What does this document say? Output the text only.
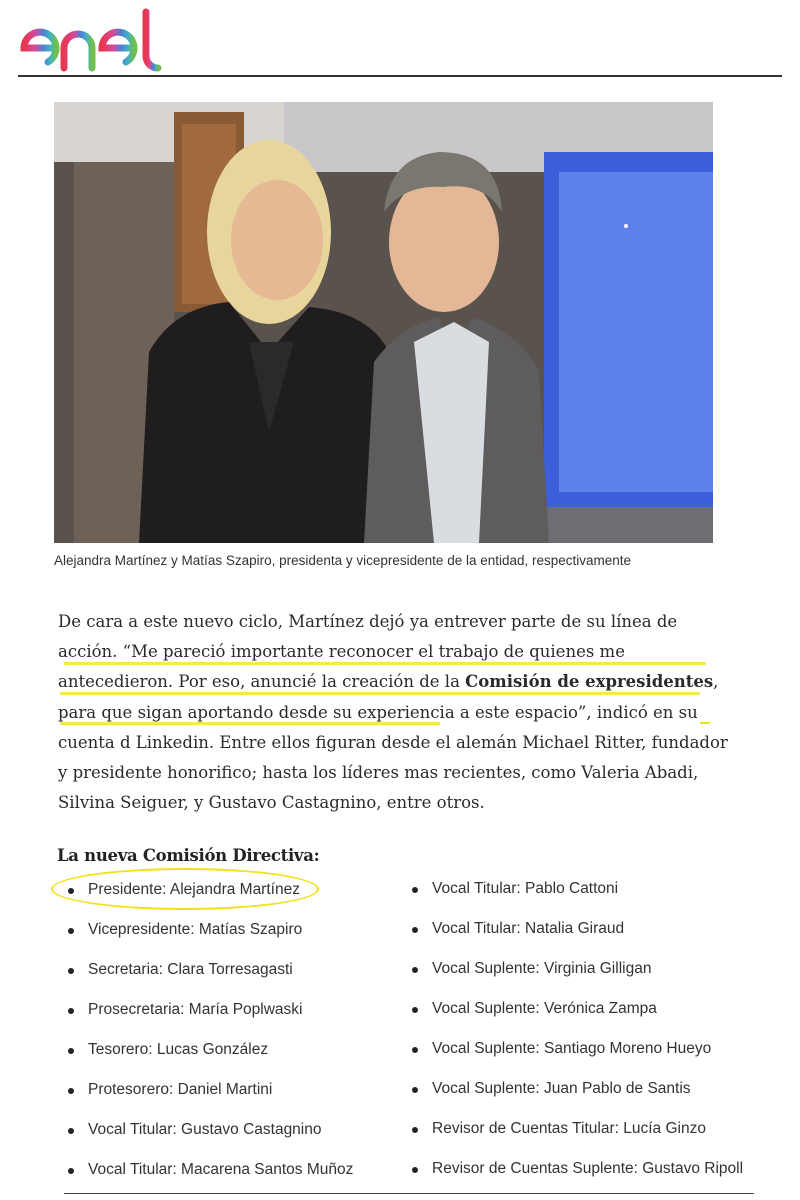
Alejandra Martínez y Matías Szapiro, presidenta y vicepresidente de la entidad, respectivamente

De cara a este nuevo ciclo, Martínez dejó ya entrever parte de su línea de acción. “Me pareció importante reconocer el trabajo de quienes me antecedieron. Por eso, anuncié la creación de la Comisión de expresidentes, para que sigan aportando desde su experiencia a este espacio”, indicó en su cuenta d Linkedin. Entre ellos figuran desde el alemán Michael Ritter, fundador y presidente honorifico; hasta los líderes mas recientes, como Valeria Abadi, Silvina Seiguer, y Gustavo Castagnino, entre otros.

La nueva Comisión Directiva:
Presidente: Alejandra Martínez
Vicepresidente: Matías Szapiro
Secretaria: Clara Torresagasti
Prosecretaria: María Poplwaski
Tesorero: Lucas González
Protesorero: Daniel Martini
Vocal Titular: Gustavo Castagnino
Vocal Titular: Macarena Santos Muñoz
Vocal Titular: Pablo Cattoni
Vocal Titular: Natalia Giraud
Vocal Suplente: Virginia Gilligan
Vocal Suplente: Verónica Zampa
Vocal Suplente: Santiago Moreno Hueyo
Vocal Suplente: Juan Pablo de Santis
Revisor de Cuentas Titular: Lucía Ginzo
Revisor de Cuentas Suplente: Gustavo Ripoll
